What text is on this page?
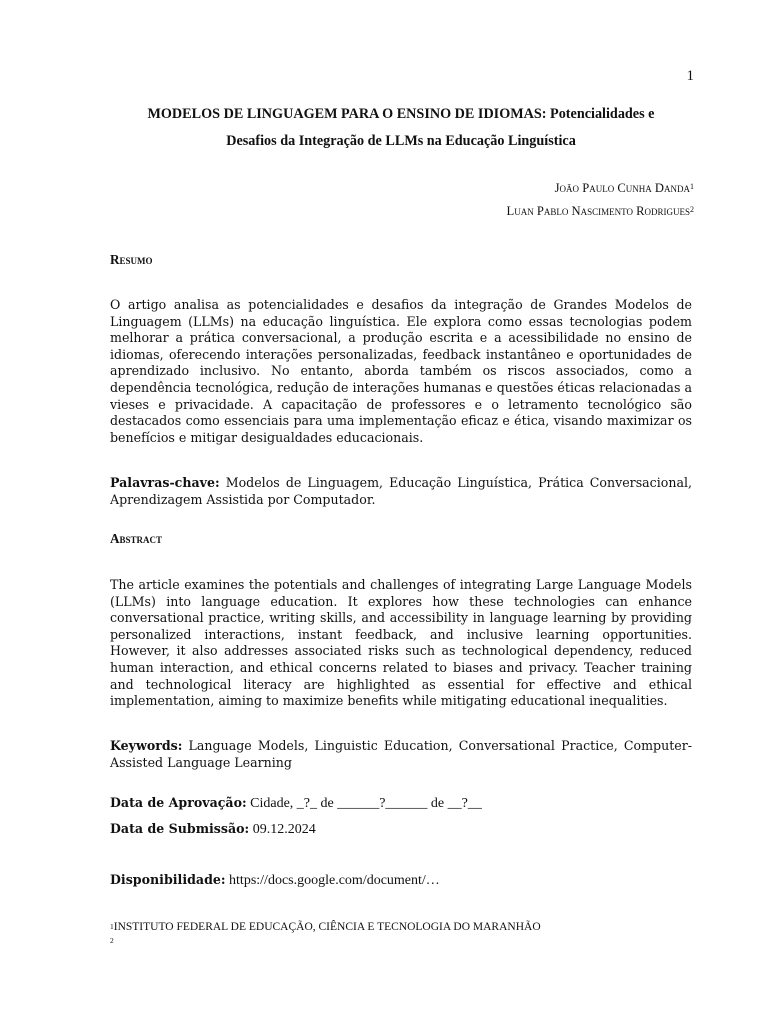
1
MODELOS DE LINGUAGEM PARA O ENSINO DE IDIOMAS: Potencialidades e
Desafios da Integração de LLMs na Educação Linguística
João Paulo Cunha Danda$^1$
Luan Pablo Nascimento Rodrigues$^2$
Resumo
O artigo analisa as potencialidades e desafios da integração de Grandes Modelos de Linguagem (LLMs) na educação linguística. Ele explora como essas tecnologias podem melhorar a prática conversacional, a produção escrita e a acessibilidade no ensino de idiomas, oferecendo interações personalizadas, feedback instantâneo e oportunidades de aprendizado inclusivo. No entanto, aborda também os riscos associados, como a dependência tecnológica, redução de interações humanas e questões éticas relacionadas a vieses e privacidade. A capacitação de professores e o letramento tecnológico são destacados como essenciais para uma implementação eficaz e ética, visando maximizar os benefícios e mitigar desigualdades educacionais.
Palavras-chave: Modelos de Linguagem, Educação Linguística, Prática Conversacional, Aprendizagem Assistida por Computador.
Abstract
The article examines the potentials and challenges of integrating Large Language Models (LLMs) into language education. It explores how these technologies can enhance conversational practice, writing skills, and accessibility in language learning by providing personalized interactions, instant feedback, and inclusive learning opportunities. However, it also addresses associated risks such as technological dependency, reduced human interaction, and ethical concerns related to biases and privacy. Teacher training and technological literacy are highlighted as essential for effective and ethical implementation, aiming to maximize benefits while mitigating educational inequalities.
Keywords: Language Models, Linguistic Education, Conversational Practice, Computer-Assisted Language Learning
Data de Aprovação: Cidade, _?_ de ______?______ de __?__
Data de Submissão: 09.12.2024
Disponibilidade: https://docs.google.com/document/…
$^1$INSTITUTO FEDERAL DE EDUCAÇÃO, CIÊNCIA E TECNOLOGIA DO MARANHÃO
$^2$
